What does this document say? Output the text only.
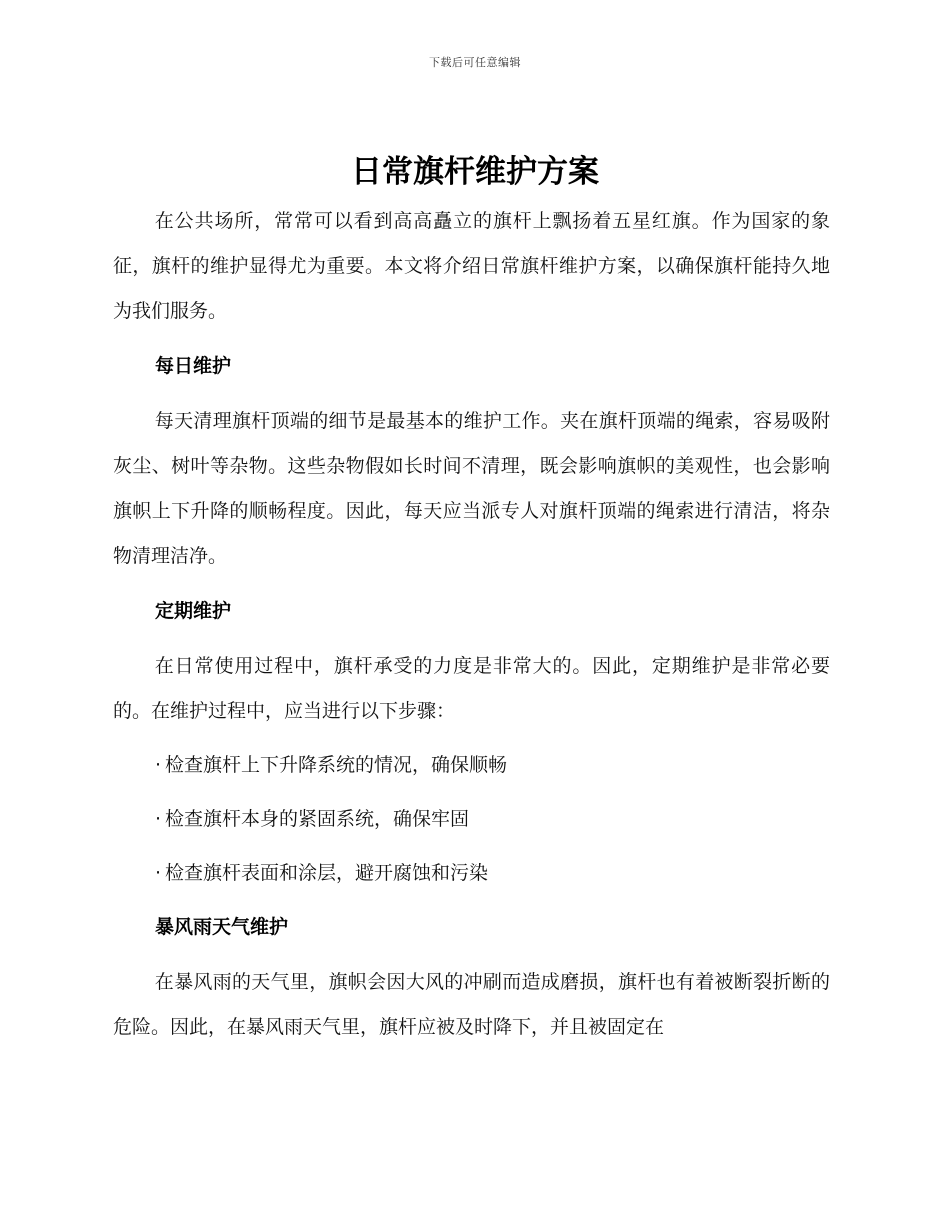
下载后可任意编辑
日常旗杆维护方案

在公共场所，常常可以看到高高矗立的旗杆上飘扬着五星红旗。作为国家的象征，旗杆的维护显得尤为重要。本文将介绍日常旗杆维护方案，以确保旗杆能持久地为我们服务。

每日维护

每天清理旗杆顶端的细节是最基本的维护工作。夹在旗杆顶端的绳索，容易吸附灰尘、树叶等杂物。这些杂物假如长时间不清理，既会影响旗帜的美观性，也会影响旗帜上下升降的顺畅程度。因此，每天应当派专人对旗杆顶端的绳索进行清洁，将杂物清理洁净。

定期维护

在日常使用过程中，旗杆承受的力度是非常大的。因此，定期维护是非常必要的。在维护过程中，应当进行以下步骤：

· 检查旗杆上下升降系统的情况，确保顺畅
· 检查旗杆本身的紧固系统，确保牢固
· 检查旗杆表面和涂层，避开腐蚀和污染
暴风雨天气维护

在暴风雨的天气里，旗帜会因大风的冲刷而造成磨损，旗杆也有着被断裂折断的危险。因此，在暴风雨天气里，旗杆应被及时降下，并且被固定在
